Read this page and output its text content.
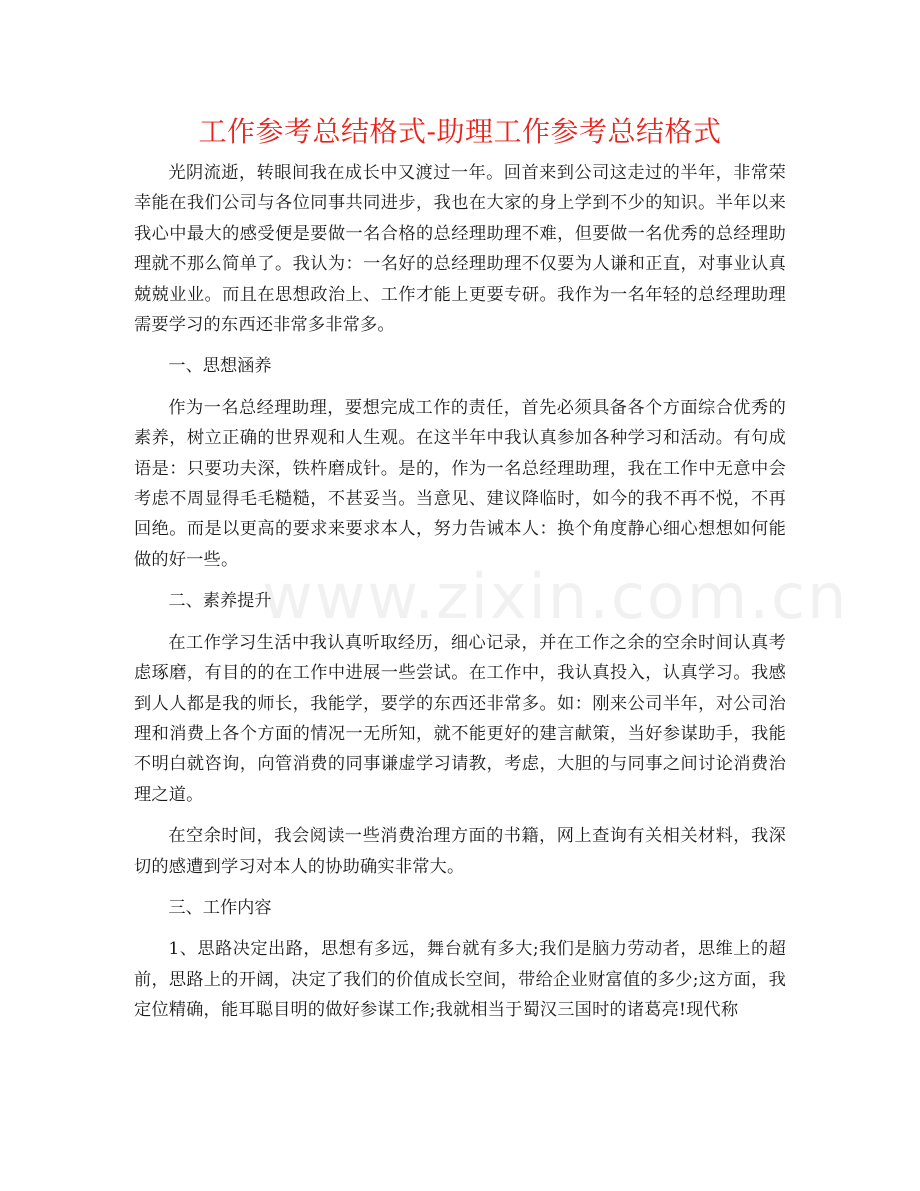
www.zixin.com.cn
工作参考总结格式-助理工作参考总结格式

光阴流逝，转眼间我在成长中又渡过一年。回首来到公司这走过的半年，非常荣幸能在我们公司与各位同事共同进步，我也在大家的身上学到不少的知识。半年以来我心中最大的感受便是要做一名合格的总经理助理不难，但要做一名优秀的总经理助理就不那么简单了。我认为：一名好的总经理助理不仅要为人谦和正直，对事业认真兢兢业业。而且在思想政治上、工作才能上更要专研。我作为一名年轻的总经理助理需要学习的东西还非常多非常多。

一、思想涵养

作为一名总经理助理，要想完成工作的责任，首先必须具备各个方面综合优秀的素养，树立正确的世界观和人生观。在这半年中我认真参加各种学习和活动。有句成语是：只要功夫深，铁杵磨成针。是的，作为一名总经理助理，我在工作中无意中会考虑不周显得毛毛糙糙，不甚妥当。当意见、建议降临时，如今的我不再不悦，不再回绝。而是以更高的要求来要求本人，努力告诫本人：换个角度静心细心想想如何能做的好一些。

二、素养提升

在工作学习生活中我认真听取经历，细心记录，并在工作之余的空余时间认真考虑琢磨，有目的的在工作中进展一些尝试。在工作中，我认真投入，认真学习。我感到人人都是我的师长，我能学，要学的东西还非常多。如：刚来公司半年，对公司治理和消费上各个方面的情况一无所知，就不能更好的建言献策，当好参谋助手，我能不明白就咨询，向管消费的同事谦虚学习请教，考虑，大胆的与同事之间讨论消费治理之道。

在空余时间，我会阅读一些消费治理方面的书籍，网上查询有关相关材料，我深切的感遭到学习对本人的协助确实非常大。

三、工作内容

1、思路决定出路，思想有多远，舞台就有多大;我们是脑力劳动者，思维上的超前，思路上的开阔，决定了我们的价值成长空间，带给企业财富值的多少;这方面，我定位精确，能耳聪目明的做好参谋工作;我就相当于蜀汉三国时的诸葛亮!现代称
